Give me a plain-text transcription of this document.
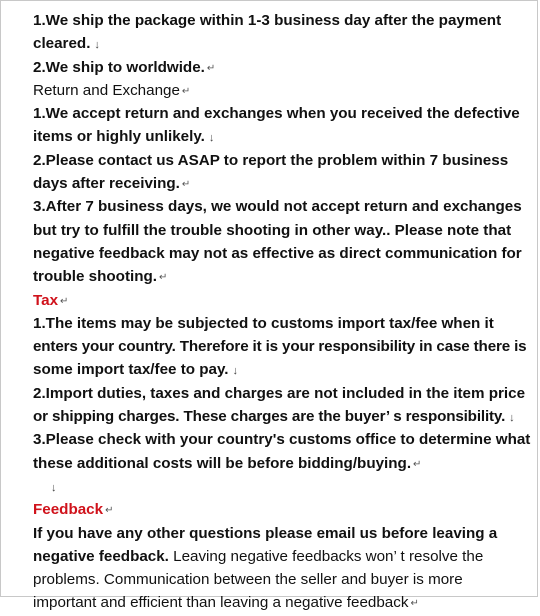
1.We ship the package within 1-3 business day after the payment
cleared. ↓
2.We ship to worldwide. ↵
Return and Exchange ↵
1.We accept return and exchanges when you received the defective
items or highly unlikely. ↓
2.Please contact us ASAP to report the problem within 7 business
days after receiving. ↵
3.After 7 business days, we would not accept return and exchanges
but try to fulfill the trouble shooting in other way.. Please note that
negative feedback may not as effective as direct communication for
trouble shooting. ↵
Tax ↵
1.The items may be subjected to customs import tax/fee when it
enters your country. Therefore it is your responsibility in case there is
some import tax/fee to pay. ↓
2.Import duties, taxes and charges are not included in the item price
or shipping charges. These charges are the buyer’ s responsibility. ↓
3.Please check with your country's customs office to determine what
these additional costs will be before bidding/buying. ↵
↓
Feedback ↵
If you have any other questions please email us before leaving a
negative feedback. Leaving negative feedbacks won’ t resolve the
problems. Communication between the seller and buyer is more
important and efficient than leaving a negative feedback ↵
